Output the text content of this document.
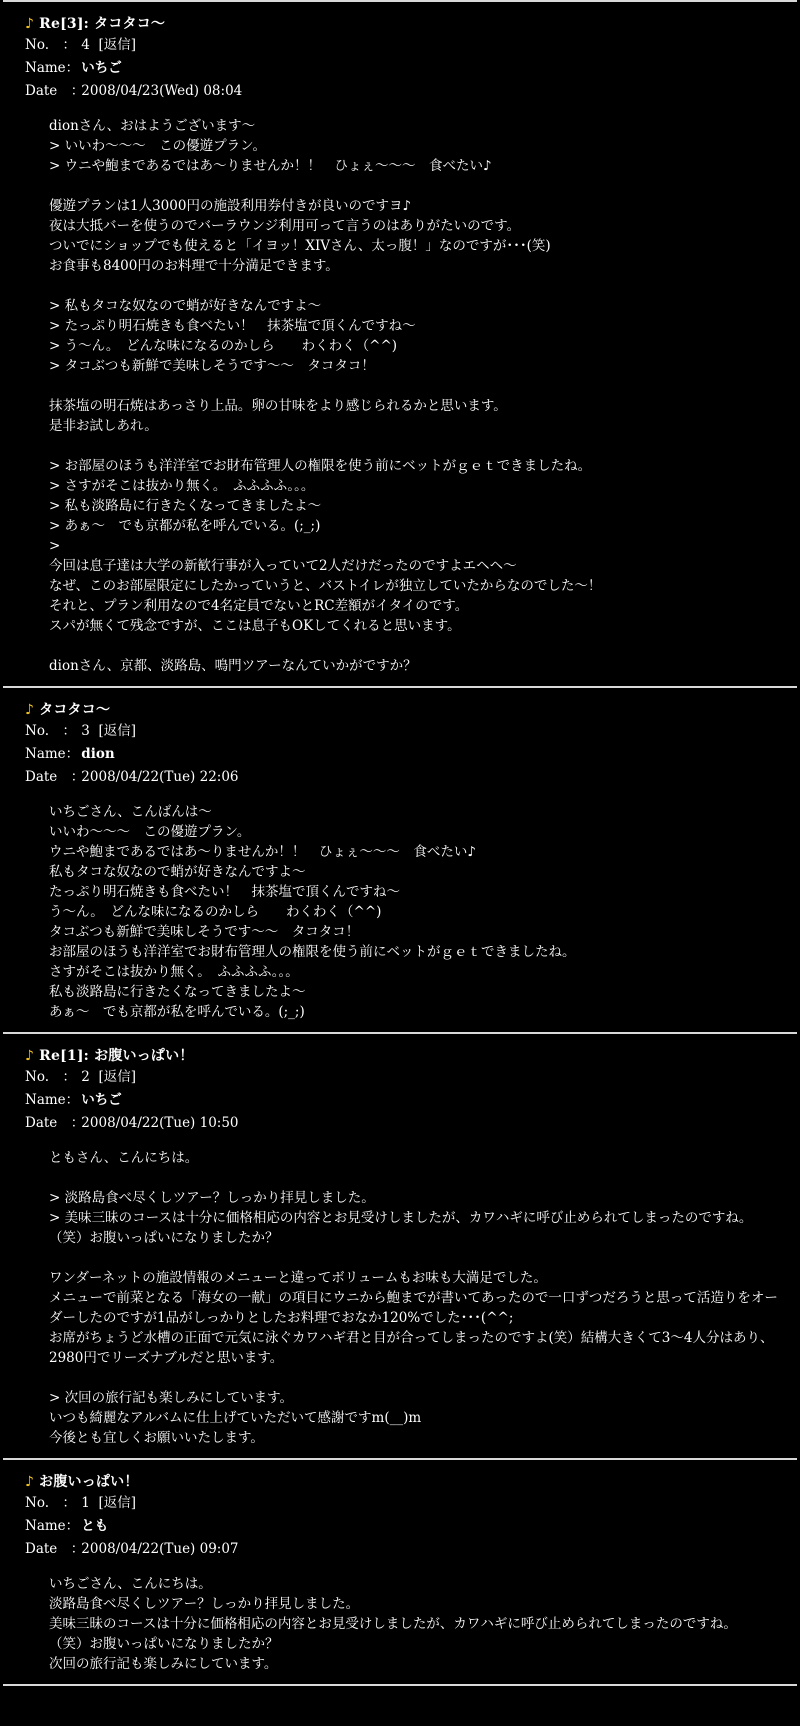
♪ Re[3]: タコタコ〜
No.　： 4 [返信]
Name： いちご
Date　： 2008/04/23(Wed) 08:04
dionさん、おはようございます〜
> いいわ〜〜〜　この優遊プラン。
> ウニや鮑まであるではあ〜りませんか！！　ひょぇ〜〜〜　食べたい♪
優遊プランは1人3000円の施設利用券付きが良いのですヨ♪
夜は大抵バーを使うのでバーラウンジ利用可って言うのはありがたいのです。
ついでにショップでも使えると「イヨッ！XIVさん、太っ腹！」なのですが･･･(笑)
お食事も8400円のお料理で十分満足できます。
> 私もタコな奴なので蛸が好きなんですよ〜
> たっぷり明石焼きも食べたい！　抹茶塩で頂くんですね〜
> う〜ん。　どんな味になるのかしら　　わくわく（^^)
> タコぶつも新鮮で美味しそうです〜〜　タコタコ！
抹茶塩の明石焼はあっさり上品。卵の甘味をより感じられるかと思います。
是非お試しあれ。
> お部屋のほうも洋洋室でお財布管理人の権限を使う前にベットがｇｅｔできましたね。
> さすがそこは抜かり無く。　ふふふふ。。。
> 私も淡路島に行きたくなってきましたよ〜
> あぁ〜　でも京都が私を呼んでいる。(;_;)
>
今回は息子達は大学の新歓行事が入っていて2人だけだったのですよエヘヘ〜
なぜ、このお部屋限定にしたかっていうと、バストイレが独立していたからなのでした〜！
それと、プラン利用なので4名定員でないとRC差額がイタイのです。
スパが無くて残念ですが、ここは息子もOKしてくれると思います。
dionさん、京都、淡路島、鳴門ツアーなんていかがですか？
♪ タコタコ〜
No.　： 3 [返信]
Name： dion
Date　： 2008/04/22(Tue) 22:06
いちごさん、こんばんは〜
いいわ〜〜〜　この優遊プラン。
ウニや鮑まであるではあ〜りませんか！！　ひょぇ〜〜〜　食べたい♪
私もタコな奴なので蛸が好きなんですよ〜
たっぷり明石焼きも食べたい！　抹茶塩で頂くんですね〜
う〜ん。　どんな味になるのかしら　　わくわく（^^)
タコぶつも新鮮で美味しそうです〜〜　タコタコ！
お部屋のほうも洋洋室でお財布管理人の権限を使う前にベットがｇｅｔできましたね。
さすがそこは抜かり無く。　ふふふふ。。。
私も淡路島に行きたくなってきましたよ〜
あぁ〜　でも京都が私を呼んでいる。(;_;)
♪ Re[1]: お腹いっぱい！
No.　： 2 [返信]
Name： いちご
Date　： 2008/04/22(Tue) 10:50
ともさん、こんにちは。
> 淡路島食べ尽くしツアー？しっかり拝見しました。
> 美味三昧のコースは十分に価格相応の内容とお見受けしましたが、カワハギに呼び止められてしまったのですね。
（笑）お腹いっぱいになりましたか？
ワンダーネットの施設情報のメニューと違ってボリュームもお味も大満足でした。
メニューで前菜となる「海女の一献」の項目にウニから鮑までが書いてあったので一口ずつだろうと思って活造りをオー
ダーしたのですが1品がしっかりとしたお料理でおなか120%でした･･･(^^;
お席がちょうど水槽の正面で元気に泳ぐカワハギ君と目が合ってしまったのですよ(笑）結構大きくて3〜4人分はあり、
2980円でリーズナブルだと思います。
> 次回の旅行記も楽しみにしています。
いつも綺麗なアルバムに仕上げていただいて感謝ですm(__)m
今後とも宜しくお願いいたします。
♪ お腹いっぱい！
No.　： 1 [返信]
Name： とも
Date　： 2008/04/22(Tue) 09:07
いちごさん、こんにちは。
淡路島食べ尽くしツアー？しっかり拝見しました。
美味三昧のコースは十分に価格相応の内容とお見受けしましたが、カワハギに呼び止められてしまったのですね。
（笑）お腹いっぱいになりましたか？
次回の旅行記も楽しみにしています。
